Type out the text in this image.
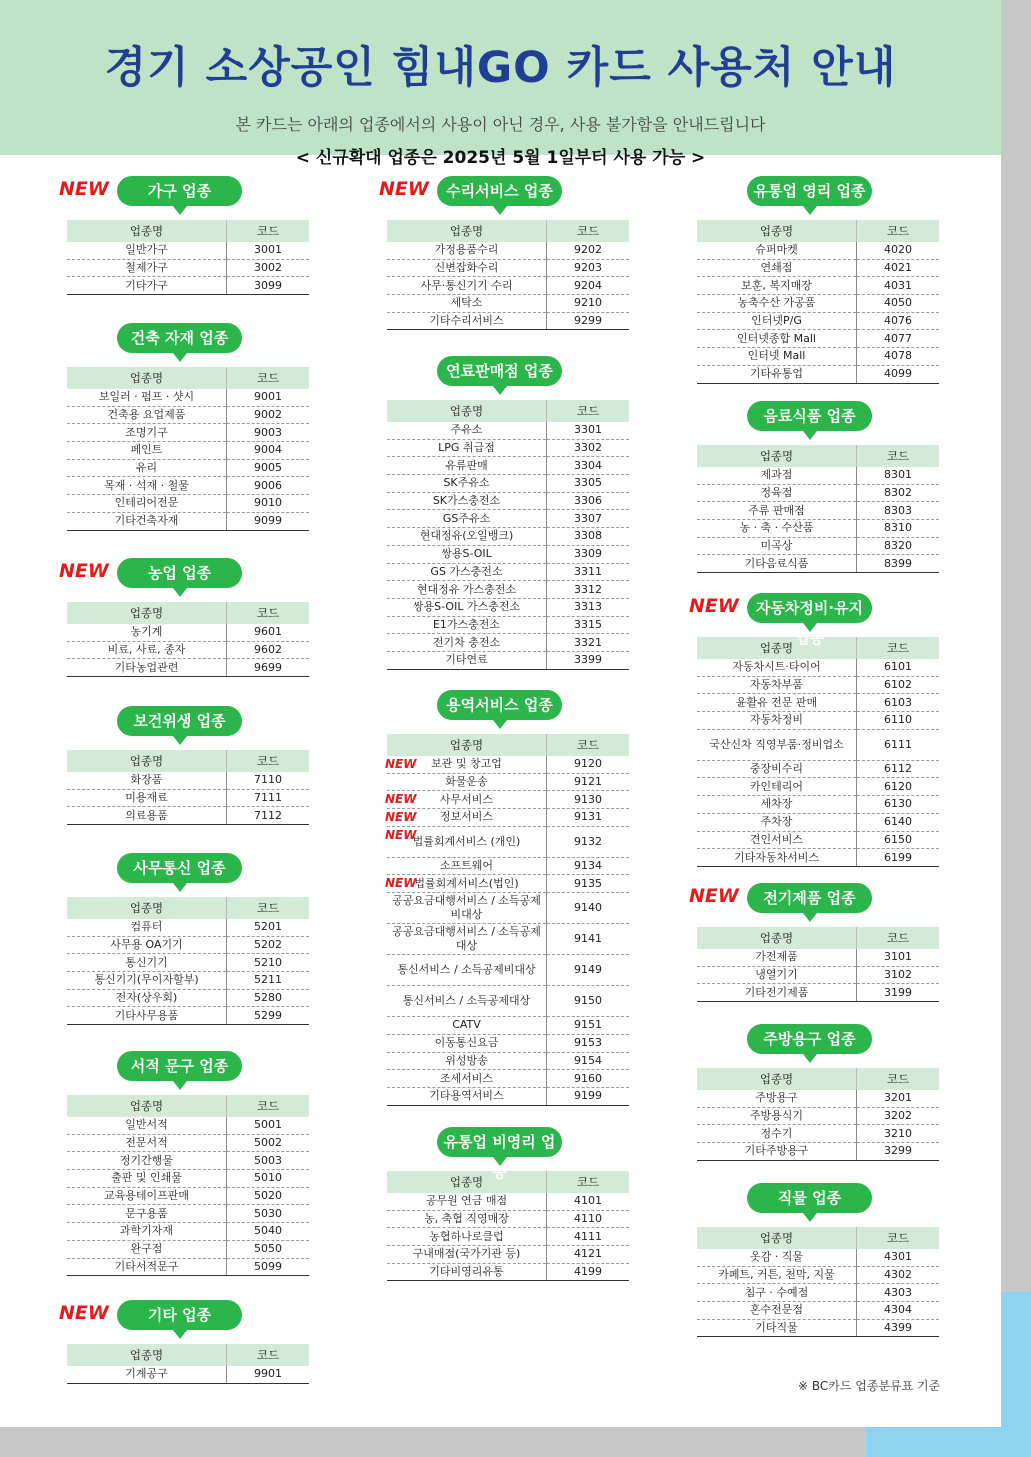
경기 소상공인 힘내GO 카드 사용처 안내
본 카드는 아래의 업종에서의 사용이 아닌 경우, 사용 불가함을 안내드립니다
< 신규확대 업종은 2025년 5월 1일부터 사용 가능 >
NEW	가구 업종
업종명	코드
일반가구	3001
철제가구	3002
기타가구	3099
건축 자재 업종
업종명	코드
보일러 · 펌프 · 샷시	9001
건축용 요업제품	9002
조명기구	9003
페인트	9004
유리	9005
목재 · 석재 · 철물	9006
인테리어전문	9010
기타건축자재	9099
NEW	농업 업종
업종명	코드
농기계	9601
비료, 사료, 종자	9602
기타농업관련	9699
보건위생 업종
업종명	코드
화장품	7110
미용재료	7111
의료용품	7112
사무통신 업종
업종명	코드
컴퓨터	5201
사무용 OA기기	5202
통신기기	5210
통신기기(무이자할부)	5211
전자(상우회)	5280
기타사무용품	5299
서적 문구 업종
업종명	코드
일반서적	5001
전문서적	5002
정기간행물	5003
출판 및 인쇄물	5010
교육용테이프판매	5020
문구용품	5030
과학기자재	5040
완구점	5050
기타서적문구	5099
NEW	기타 업종
업종명	코드
기계공구	9901
NEW	수리서비스 업종
업종명	코드
가정용품수리	9202
신변잡화수리	9203
사무·통신기기 수리	9204
세탁소	9210
기타수리서비스	9299
연료판매점 업종
업종명	코드
주유소	3301
LPG 취급점	3302
유류판매	3304
SK주유소	3305
SK가스충전소	3306
GS주유소	3307
현대정유(오일뱅크)	3308
쌍용S-OIL	3309
GS 가스충전소	3311
현대정유 가스충전소	3312
쌍용S-OIL 가스충전소	3313
E1가스충전소	3315
전기차 충전소	3321
기타연료	3399
용역서비스 업종
업종명	코드

NEW 보관 및 창고업	9120
화물운송	9121

NEW 사무서비스	9130

NEW 정보서비스	9131

NEW
법률회계서비스 (개인)	9132
소프트웨어	9134

NEW
법률회계서비스(법인)	9135
공공요금대행서비스 / 소득공제비대상	9140
공공요금대행서비스 / 소득공제대상	9141
통신서비스 / 소득공제비대상	9149
통신서비스 / 소득공제대상	9150
CATV	9151
이동통신요금	9153
위성방송	9154
조세서비스	9160
기타용역서비스	9199
유통업 비영리 업종
업종명	코드
공무원 연금 매점	4101
농, 축협 직영매장	4110
농협하나로클럽	4111
구내매점(국가기관 등)	4121
기타비영리유통	4199
유통업 영리 업종
업종명	코드
슈퍼마켓	4020
연쇄점	4021
보훈, 복지매장	4031
농축수산 가공품	4050
인터넷P/G	4076
인터넷종합 Mall	4077
인터넷 Mall	4078
기타유통업	4099
음료식품 업종
업종명	코드
제과점	8301
정육점	8302
주류 판매점	8303
농 · 축 · 수산품	8310
미곡상	8320
기타음료식품	8399
NEW	자동차정비·유지 업종
업종명	코드
자동차시트·타이어	6101
자동차부품	6102
윤활유 전문 판매	6103
자동차정비	6110
국산신차 직영부품·정비업소	6111
중장비수리	6112
카인테리어	6120
세차장	6130
주차장	6140
견인서비스	6150
기타자동차서비스	6199
NEW	전기제품 업종
업종명	코드
가전제품	3101
냉열기기	3102
기타전기제품	3199
주방용구 업종
업종명	코드
주방용구	3201
주방용식기	3202
정수기	3210
기타주방용구	3299
직물 업종
업종명	코드
옷감 · 직물	4301
카페트, 커튼, 천막, 지물	4302
침구 · 수예점	4303
혼수전문점	4304
기타직물	4399
※ BC카드 업종분류표 기준
